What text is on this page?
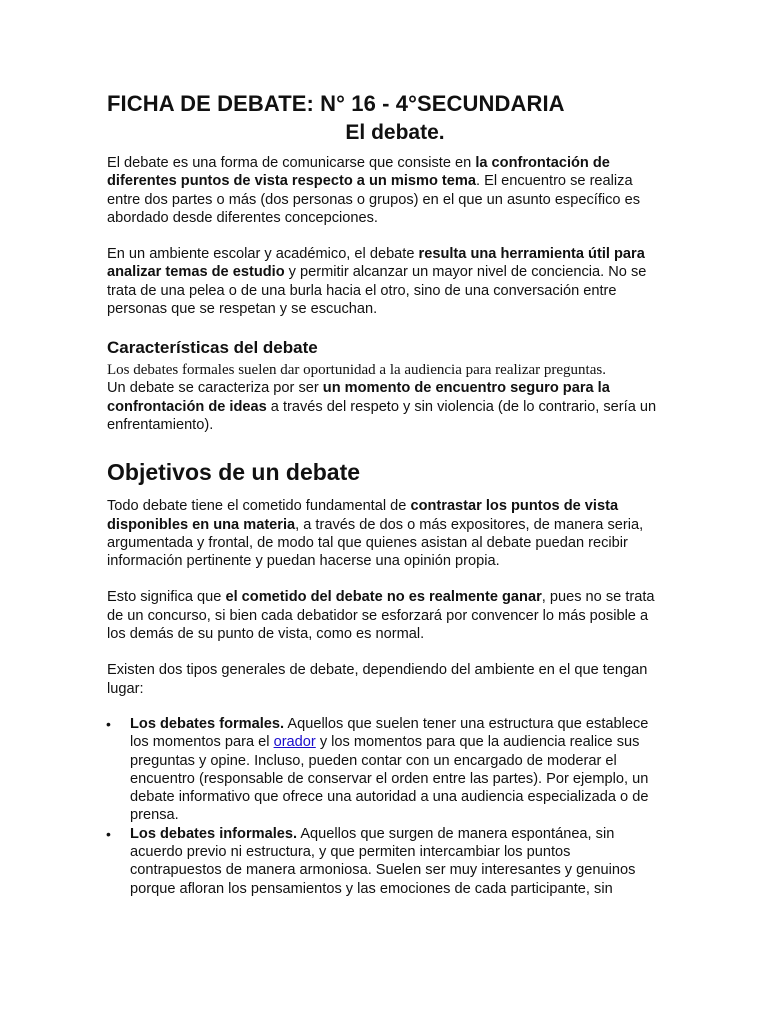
FICHA DE DEBATE: N° 16 - 4°SECUNDARIA
El debate.

El debate es una forma de comunicarse que consiste en la confrontación de diferentes puntos de vista respecto a un mismo tema. El encuentro se realiza entre dos partes o más (dos personas o grupos) en el que un asunto específico es abordado desde diferentes concepciones.

En un ambiente escolar y académico, el debate resulta una herramienta útil para analizar temas de estudio y permitir alcanzar un mayor nivel de conciencia. No se trata de una pelea o de una burla hacia el otro, sino de una conversación entre personas que se respetan y se escuchan.

Características del debate

Los debates formales suelen dar oportunidad a la audiencia para realizar preguntas.

Un debate se caracteriza por ser un momento de encuentro seguro para la confrontación de ideas a través del respeto y sin violencia (de lo contrario, sería un enfrentamiento).

Objetivos de un debate

Todo debate tiene el cometido fundamental de contrastar los puntos de vista disponibles en una materia, a través de dos o más expositores, de manera seria, argumentada y frontal, de modo tal que quienes asistan al debate puedan recibir información pertinente y puedan hacerse una opinión propia.

Esto significa que el cometido del debate no es realmente ganar, pues no se trata de un concurso, si bien cada debatidor se esforzará por convencer lo más posible a los demás de su punto de vista, como es normal.

Existen dos tipos generales de debate, dependiendo del ambiente en el que tengan lugar:

• Los debates formales. Aquellos que suelen tener una estructura que establece los momentos para el orador y los momentos para que la audiencia realice sus preguntas y opine. Incluso, pueden contar con un encargado de moderar el encuentro (responsable de conservar el orden entre las partes). Por ejemplo, un debate informativo que ofrece una autoridad a una audiencia especializada o de prensa.
• Los debates informales. Aquellos que surgen de manera espontánea, sin acuerdo previo ni estructura, y que permiten intercambiar los puntos contrapuestos de manera armoniosa. Suelen ser muy interesantes y genuinos porque afloran los pensamientos y las emociones de cada participante, sin
